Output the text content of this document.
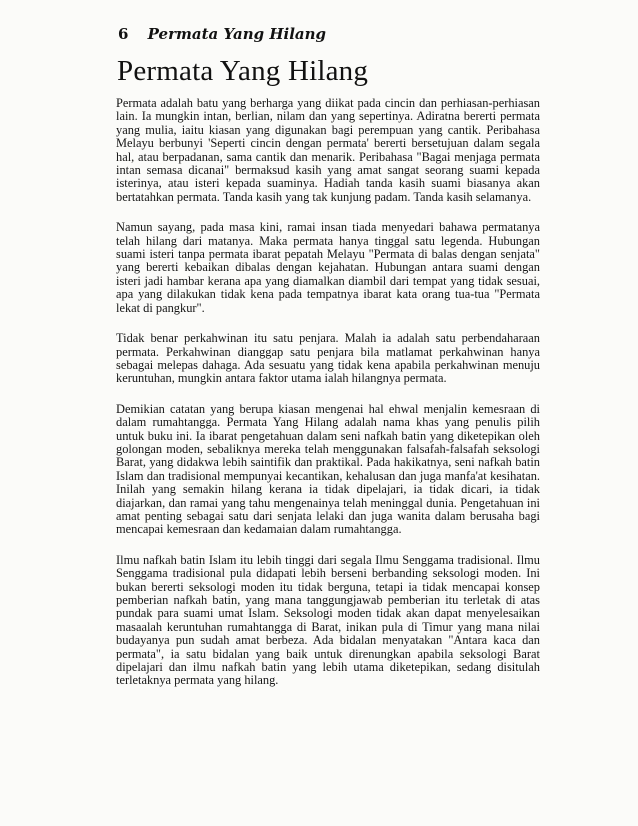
6 Permata Yang Hilang
Permata Yang Hilang

Permata adalah batu yang berharga yang diikat pada cincin dan perhiasan-perhiasan lain. Ia mungkin intan, berlian, nilam dan yang sepertinya. Adiratna bererti permata yang mulia, iaitu kiasan yang digunakan bagi perempuan yang cantik. Peribahasa Melayu berbunyi 'Seperti cincin dengan permata' bererti bersetujuan dalam segala hal, atau berpadanan, sama cantik dan menarik. Peribahasa "Bagai menjaga permata intan semasa dicanai" bermaksud kasih yang amat sangat seorang suami kepada isterinya, atau isteri kepada suaminya. Hadiah tanda kasih suami biasanya akan bertatahkan permata. Tanda kasih yang tak kunjung padam. Tanda kasih selamanya.

Namun sayang, pada masa kini, ramai insan tiada menyedari bahawa permatanya telah hilang dari matanya. Maka permata hanya tinggal satu legenda. Hubungan suami isteri tanpa permata ibarat pepatah Melayu "Permata di balas dengan senjata" yang bererti kebaikan dibalas dengan kejahatan. Hubungan antara suami dengan isteri jadi hambar kerana apa yang diamalkan diambil dari tempat yang tidak sesuai, apa yang dilakukan tidak kena pada tempatnya ibarat kata orang tua-tua "Permata lekat di pangkur".

Tidak benar perkahwinan itu satu penjara. Malah ia adalah satu perbendaharaan permata. Perkahwinan dianggap satu penjara bila matlamat perkahwinan hanya sebagai melepas dahaga. Ada sesuatu yang tidak kena apabila perkahwinan menuju keruntuhan, mungkin antara faktor utama ialah hilangnya permata.

Demikian catatan yang berupa kiasan mengenai hal ehwal menjalin kemesraan di dalam rumahtangga. Permata Yang Hilang adalah nama khas yang penulis pilih untuk buku ini. Ia ibarat pengetahuan dalam seni nafkah batin yang diketepikan oleh golongan moden, sebaliknya mereka telah menggunakan falsafah-falsafah seksologi Barat, yang didakwa lebih saintifik dan praktikal. Pada hakikatnya, seni nafkah batin Islam dan tradisional mempunyai kecantikan, kehalusan dan juga manfa'at kesihatan. Inilah yang semakin hilang kerana ia tidak dipelajari, ia tidak dicari, ia tidak diajarkan, dan ramai yang tahu mengenainya telah meninggal dunia. Pengetahuan ini amat penting sebagai satu dari senjata lelaki dan juga wanita dalam berusaha bagi mencapai kemesraan dan kedamaian dalam rumahtangga.

Ilmu nafkah batin Islam itu lebih tinggi dari segala Ilmu Senggama tradisional. Ilmu Senggama tradisional pula didapati lebih berseni berbanding seksologi moden. Ini bukan bererti seksologi moden itu tidak berguna, tetapi ia tidak mencapai konsep pemberian nafkah batin, yang mana tanggungjawab pemberian itu terletak di atas pundak para suami umat Islam. Seksologi moden tidak akan dapat menyelesaikan masaalah keruntuhan rumahtangga di Barat, inikan pula di Timur yang mana nilai budayanya pun sudah amat berbeza. Ada bidalan menyatakan "Antara kaca dan permata", ia satu bidalan yang baik untuk direnungkan apabila seksologi Barat dipelajari dan ilmu nafkah batin yang lebih utama diketepikan, sedang disitulah terletaknya permata yang hilang.
